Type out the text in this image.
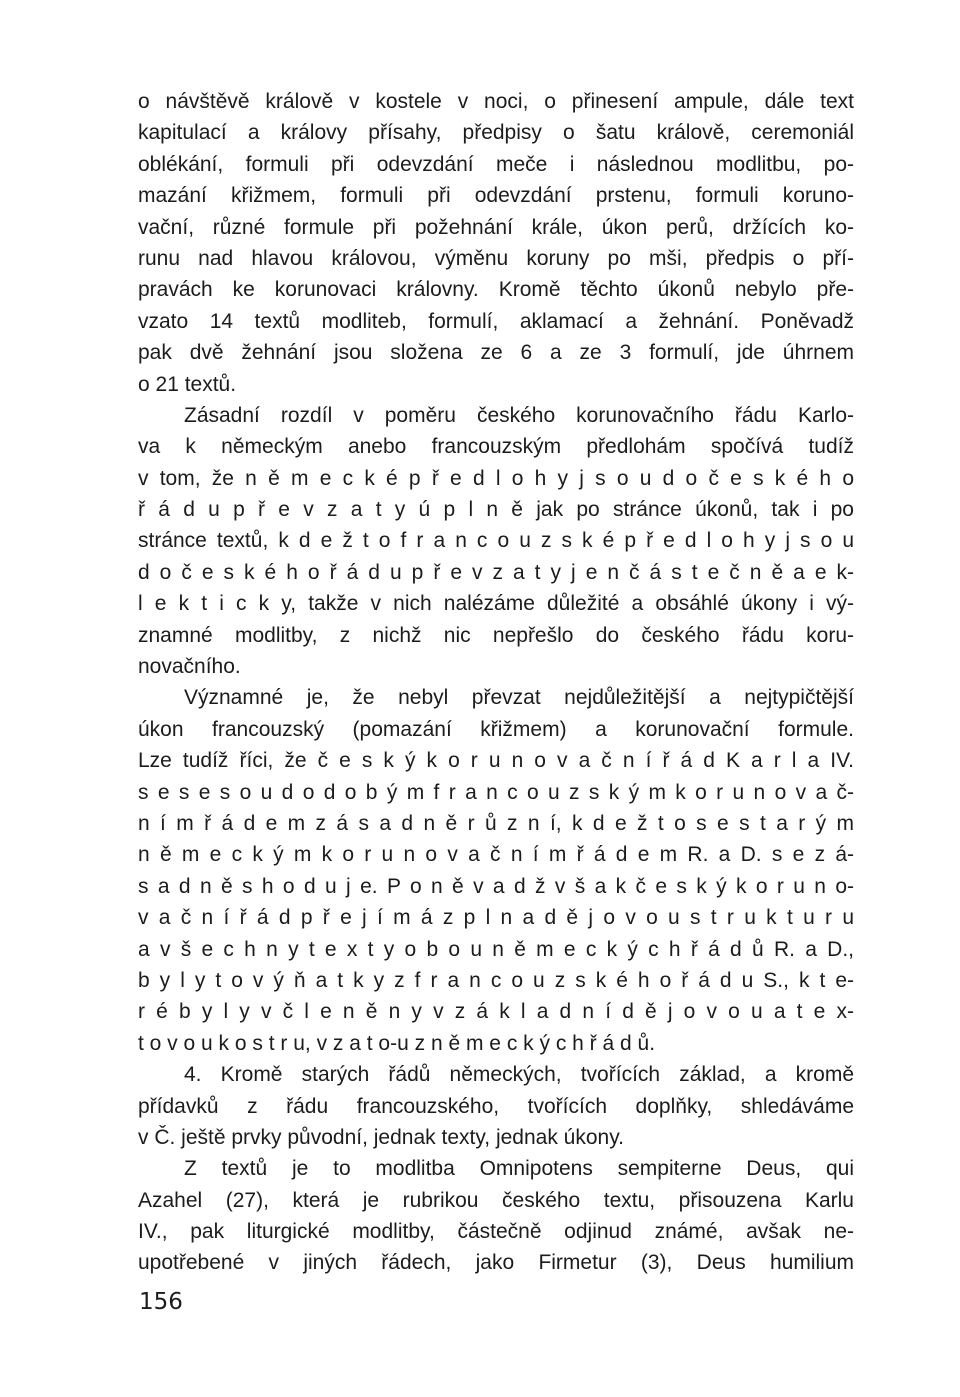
o návštěvě králově v kostele v noci, o přinesení ampule, dále text
kapitulací a královy přísahy, předpisy o šatu králově, ceremoniál
oblékání, formuli při odevzdání meče i následnou modlitbu, po-
mazání křižmem, formuli při odevzdání prstenu, formuli koruno-
vační, různé formule při požehnání krále, úkon perů, držících ko-
runu nad hlavou královou, výměnu koruny po mši, předpis o pří-
pravách ke korunovaci královny. Kromě těchto úkonů nebylo pře-
vzato 14 textů modliteb, formulí, aklamací a žehnání. Poněvadž
pak dvě žehnání jsou složena ze 6 a ze 3 formulí, jde úhrnem
o 21 textů.
Zásadní rozdíl v poměru českého korunovačního řádu Karlo-
va k německým anebo francouzským předlohám spočívá tudíž
v tom, že n ě m e c k é p ř e d l o h y j s o u d o č e s k é h o
ř á d u p ř e v z a t y ú p l n ě jak po stránce úkonů, tak i po
stránce textů, k d e ž t o f r a n c o u z s k é p ř e d l o h y j s o u
d o č e s k é h o ř á d u p ř e v z a t y j e n č á s t e č n ě a e k-
l e k t i c k y, takže v nich nalézáme důležité a obsáhlé úkony i vý-
znamné modlitby, z nichž nic nepřešlo do českého řádu koru-
novačního.
Významné je, že nebyl převzat nejdůležitější a nejtypičtější
úkon francouzský (pomazání křižmem) a korunovační formule.
Lze tudíž říci, že č e s k ý k o r u n o v a č n í ř á d K a r l a IV.
s e s e s o u d o d o b ý m f r a n c o u z s k ý m k o r u n o v a č-
n í m ř á d e m z á s a d n ě r ů z n í, k d e ž t o s e s t a r ý m
n ě m e c k ý m k o r u n o v a č n í m ř á d e m R. a D. s e z á-
s a d n ě s h o d u j e. P o n ě v a d ž v š a k č e s k ý k o r u n o-
v a č n í ř á d p ř e j í m á z p l n a d ě j o v o u s t r u k t u r u
a v š e c h n y t e x t y o b o u n ě m e c k ý c h ř á d ů R. a D.,
b y l y t o v ý ň a t k y z f r a n c o u z s k é h o ř á d u S., k t e-
r é b y l y v č l e n ě n y v z á k l a d n í d ě j o v o u a t e x-
t o v o u k o s t r u, v z a t o-u z n ě m e c k ý c h ř á d ů.
4. Kromě starých řádů německých, tvořících základ, a kromě
přídavků z řádu francouzského, tvořících doplňky, shledáváme
v Č. ještě prvky původní, jednak texty, jednak úkony.
Z textů je to modlitba Omnipotens sempiterne Deus, qui
Azahel (27), která je rubrikou českého textu, přisouzena Karlu
IV., pak liturgické modlitby, částečně odjinud známé, avšak ne-
upotřebené v jiných řádech, jako Firmetur (3), Deus humilium
156
